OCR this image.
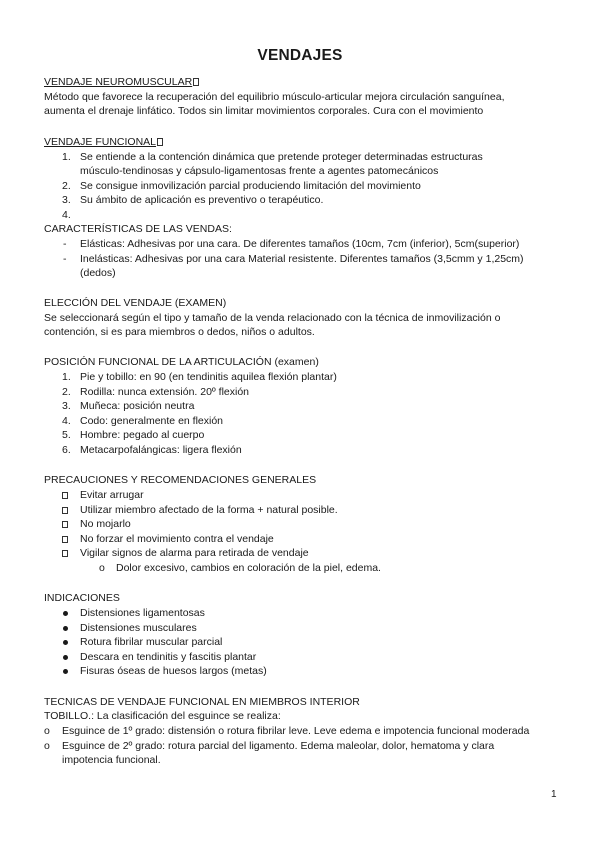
VENDAJES
VENDAJE NEUROMUSCULAR
Método que favorece la recuperación del equilibrio músculo-articular mejora circulación sanguínea,
aumenta el drenaje linfático. Todos sin limitar movimientos corporales. Cura con el movimiento
VENDAJE FUNCIONAL
1. Se entiende a la contención dinámica que pretende proteger determinadas estructuras
músculo-tendinosas y cápsulo-ligamentosas frente a agentes patomecánicos
2. Se consigue inmovilización parcial produciendo limitación del movimiento
3. Su ámbito de aplicación es preventivo o terapéutico.
4.
CARACTERÍSTICAS DE LAS VENDAS:
- Elásticas: Adhesivas por una cara. De diferentes tamaños (10cm, 7cm (inferior), 5cm(superior)
- Inelásticas: Adhesivas por una cara Material resistente. Diferentes tamaños (3,5cmm y 1,25cm)
(dedos)
ELECCIÓN DEL VENDAJE (EXAMEN)
Se seleccionará según el tipo y tamaño de la venda relacionado con la técnica de inmovilización o
contención, si es para miembros o dedos, niños o adultos.
POSICIÓN FUNCIONAL DE LA ARTICULACIÓN (examen)
1. Pie y tobillo: en 90 (en tendinitis aquilea flexión plantar)
2. Rodilla: nunca extensión. 20º flexión
3. Muñeca: posición neutra
4. Codo: generalmente en flexión
5. Hombre: pegado al cuerpo
6. Metacarpofalángicas: ligera flexión
PRECAUCIONES Y RECOMENDACIONES GENERALES
Evitar arrugar
Utilizar miembro afectado de la forma + natural posible.
No mojarlo
No forzar el movimiento contra el vendaje
Vigilar signos de alarma para retirada de vendaje
o Dolor excesivo, cambios en coloración de la piel, edema.
INDICACIONES
Distensiones ligamentosas
Distensiones musculares
Rotura fibrilar muscular parcial
Descara en tendinitis y fascitis plantar
Fisuras óseas de huesos largos (metas)
TECNICAS DE VENDAJE FUNCIONAL EN MIEMBROS INTERIOR
TOBILLO.: La clasificación del esguince se realiza:
o Esguince de 1º grado: distensión o rotura fibrilar leve. Leve edema e impotencia funcional moderada
o Esguince de 2º grado: rotura parcial del ligamento. Edema maleolar, dolor, hematoma y clara
impotencia funcional.
1
